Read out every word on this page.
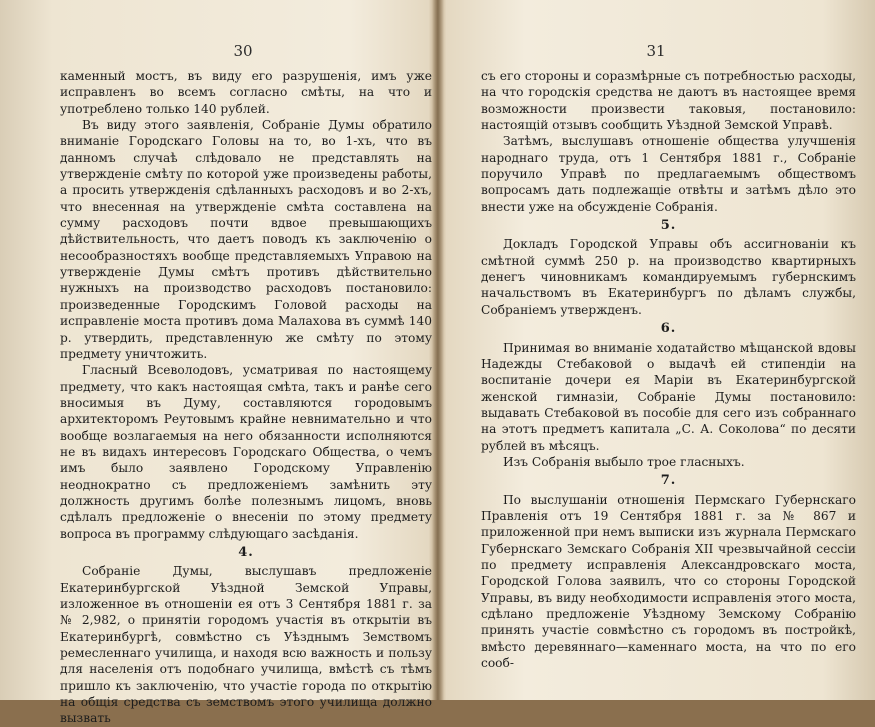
30

каменный мостъ, въ виду его разрушенія, имъ уже исправленъ во всемъ согласно смѣты, на что и употреблено только 140 рублей.

Въ виду этого заявленія, Собраніе Думы обратило вниманіе Городскаго Головы на то, во 1-хъ, что въ данномъ случаѣ слѣдовало не представлять на утвержденіе смѣту по которой уже произведены работы, а просить утвержденія сдѣланныхъ расходовъ и во 2-хъ, что внесенная на утвержденіе смѣта составлена на сумму расходовъ почти вдвое превышающихъ дѣйствительность, что даетъ поводъ къ заключенію о несообразностяхъ вообще представляемыхъ Управою на утвержденіе Думы смѣтъ противъ дѣйствительно нужныхъ на производство расходовъ постановило: произведенные Городскимъ Головой расходы на исправленіе моста противъ дома Малахова въ суммѣ 140 р. утвердить, представленную же смѣту по этому предмету уничтожить.

Гласный Всеволодовъ, усматривая по настоящему предмету, что какъ настоящая смѣта, такъ и ранѣе сего вносимыя въ Думу, составляются городовымъ архитекторомъ Реутовымъ крайне невнимательно и что вообще возлагаемыя на него обязанности исполняются не въ видахъ интересовъ Городскаго Общества, о чемъ имъ было заявлено Городскому Управленію неоднократно съ предложеніемъ замѣнить эту должность другимъ болѣе полезнымъ лицомъ, вновь сдѣлалъ предложеніе о внесеніи по этому предмету вопроса въ программу слѣдующаго засѣданія.

4.

Собраніе Думы, выслушавъ предложеніе Екатеринбургской Уѣздной Земской Управы, изложенное въ отношеніи ея отъ 3 Сентября 1881 г. за № 2,982, о принятіи городомъ участія въ открытіи въ Екатеринбургѣ, совмѣстно съ Уѣзднымъ Земствомъ ремесленнаго училища, и находя всю важность и пользу для населенія отъ подобнаго училища, вмѣстѣ съ тѣмъ пришло къ заключенію, что участіе города по открытію на общія средства съ земствомъ этого училища должно вызвать

31

съ его стороны и соразмѣрные съ потребностью расходы, на что городскія средства не даютъ въ настоящее время возможности произвести таковыя, постановило: настоящій отзывъ сообщить Уѣздной Земской Управѣ.

Затѣмъ, выслушавъ отношеніе общества улучшенія народнаго труда, отъ 1 Сентября 1881 г., Собраніе поручило Управѣ по предлагаемымъ обществомъ вопросамъ дать подлежащіе отвѣты и затѣмъ дѣло это внести уже на обсужденіе Собранія.

5.

Докладъ Городской Управы объ ассигнованіи къ смѣтной суммѣ 250 р. на производство квартирныхъ денегъ чиновникамъ командируемымъ губернскимъ начальствомъ въ Екатеринбургъ по дѣламъ службы, Собраніемъ утвержденъ.

6.

Принимая во вниманіе ходатайство мѣщанской вдовы Надежды Стебаковой о выдачѣ ей стипендіи на воспитаніе дочери ея Маріи въ Екатеринбургской женской гимназіи, Собраніе Думы постановило: выдавать Стебаковой въ пособіе для сего изъ собраннаго на этотъ предметъ капитала „С. А. Соколова“ по десяти рублей въ мѣсяцъ.

Изъ Собранія выбыло трое гласныхъ.

7.

По выслушаніи отношенія Пермскаго Губернскаго Правленія отъ 19 Сентября 1881 г. за № 867 и приложенной при немъ выписки изъ журнала Пермскаго Губернскаго Земскаго Собранія XII чрезвычайной сессіи по предмету исправленія Александровскаго моста, Городской Голова заявилъ, что со стороны Городской Управы, въ виду необходимости исправленія этого моста, сдѣлано предложеніе Уѣздному Земскому Собранію принять участіе совмѣстно съ городомъ въ постройкѣ, вмѣсто деревяннаго—каменнаго моста, на что по его сооб-
